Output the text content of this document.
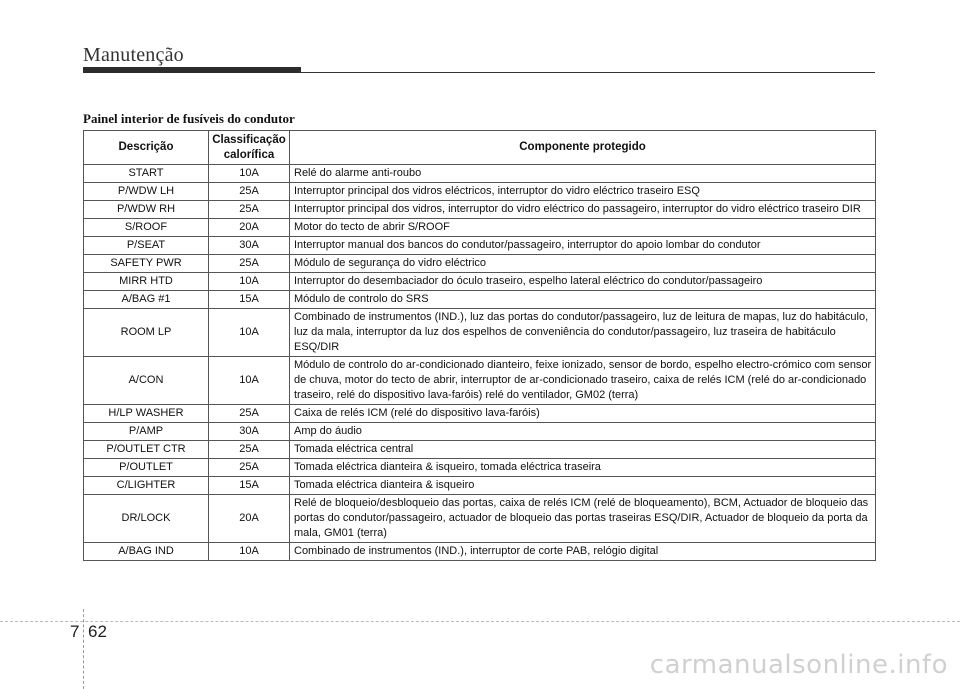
Manutenção
Painel interior de fusíveis do condutor
Descrição	Classificação calorífica	Componente protegido
START	10A	Relé do alarme anti-roubo
P/WDW LH	25A	Interruptor principal dos vidros eléctricos, interruptor do vidro eléctrico traseiro ESQ
P/WDW RH	25A	Interruptor principal dos vidros, interruptor do vidro eléctrico do passageiro, interruptor do vidro eléctrico traseiro DIR
S/ROOF	20A	Motor do tecto de abrir S/ROOF
P/SEAT	30A	Interruptor manual dos bancos do condutor/passageiro, interruptor do apoio lombar do condutor
SAFETY PWR	25A	Módulo de segurança do vidro eléctrico
MIRR HTD	10A	Interruptor do desembaciador do óculo traseiro, espelho lateral eléctrico do condutor/passageiro
A/BAG #1	15A	Módulo de controlo do SRS
ROOM LP	10A	Combinado de instrumentos (IND.), luz das portas do condutor/passageiro, luz de leitura de mapas, luz do habitáculo, luz da mala, interruptor da luz dos espelhos de conveniência do condutor/passageiro, luz traseira de habitáculo ESQ/DIR
A/CON	10A	Módulo de controlo do ar-condicionado dianteiro, feixe ionizado, sensor de bordo, espelho electro-crómico com sensor de chuva, motor do tecto de abrir, interruptor de ar-condicionado traseiro, caixa de relés ICM (relé do ar-condicionado traseiro, relé do dispositivo lava-faróis) relé do ventilador, GM02 (terra)
H/LP WASHER	25A	Caixa de relés ICM (relé do dispositivo lava-faróis)
P/AMP	30A	Amp do áudio
P/OUTLET CTR	25A	Tomada eléctrica central
P/OUTLET	25A	Tomada eléctrica dianteira & isqueiro, tomada eléctrica traseira
C/LIGHTER	15A	Tomada eléctrica dianteira & isqueiro
DR/LOCK	20A	Relé de bloqueio/desbloqueio das portas, caixa de relés ICM (relé de bloqueamento), BCM, Actuador de bloqueio das portas do condutor/passageiro, actuador de bloqueio das portas traseiras ESQ/DIR, Actuador de bloqueio da porta da mala, GM01 (terra)
A/BAG IND	10A	Combinado de instrumentos (IND.), interruptor de corte PAB, relógio digital
7 62
carmanualsonline.info
